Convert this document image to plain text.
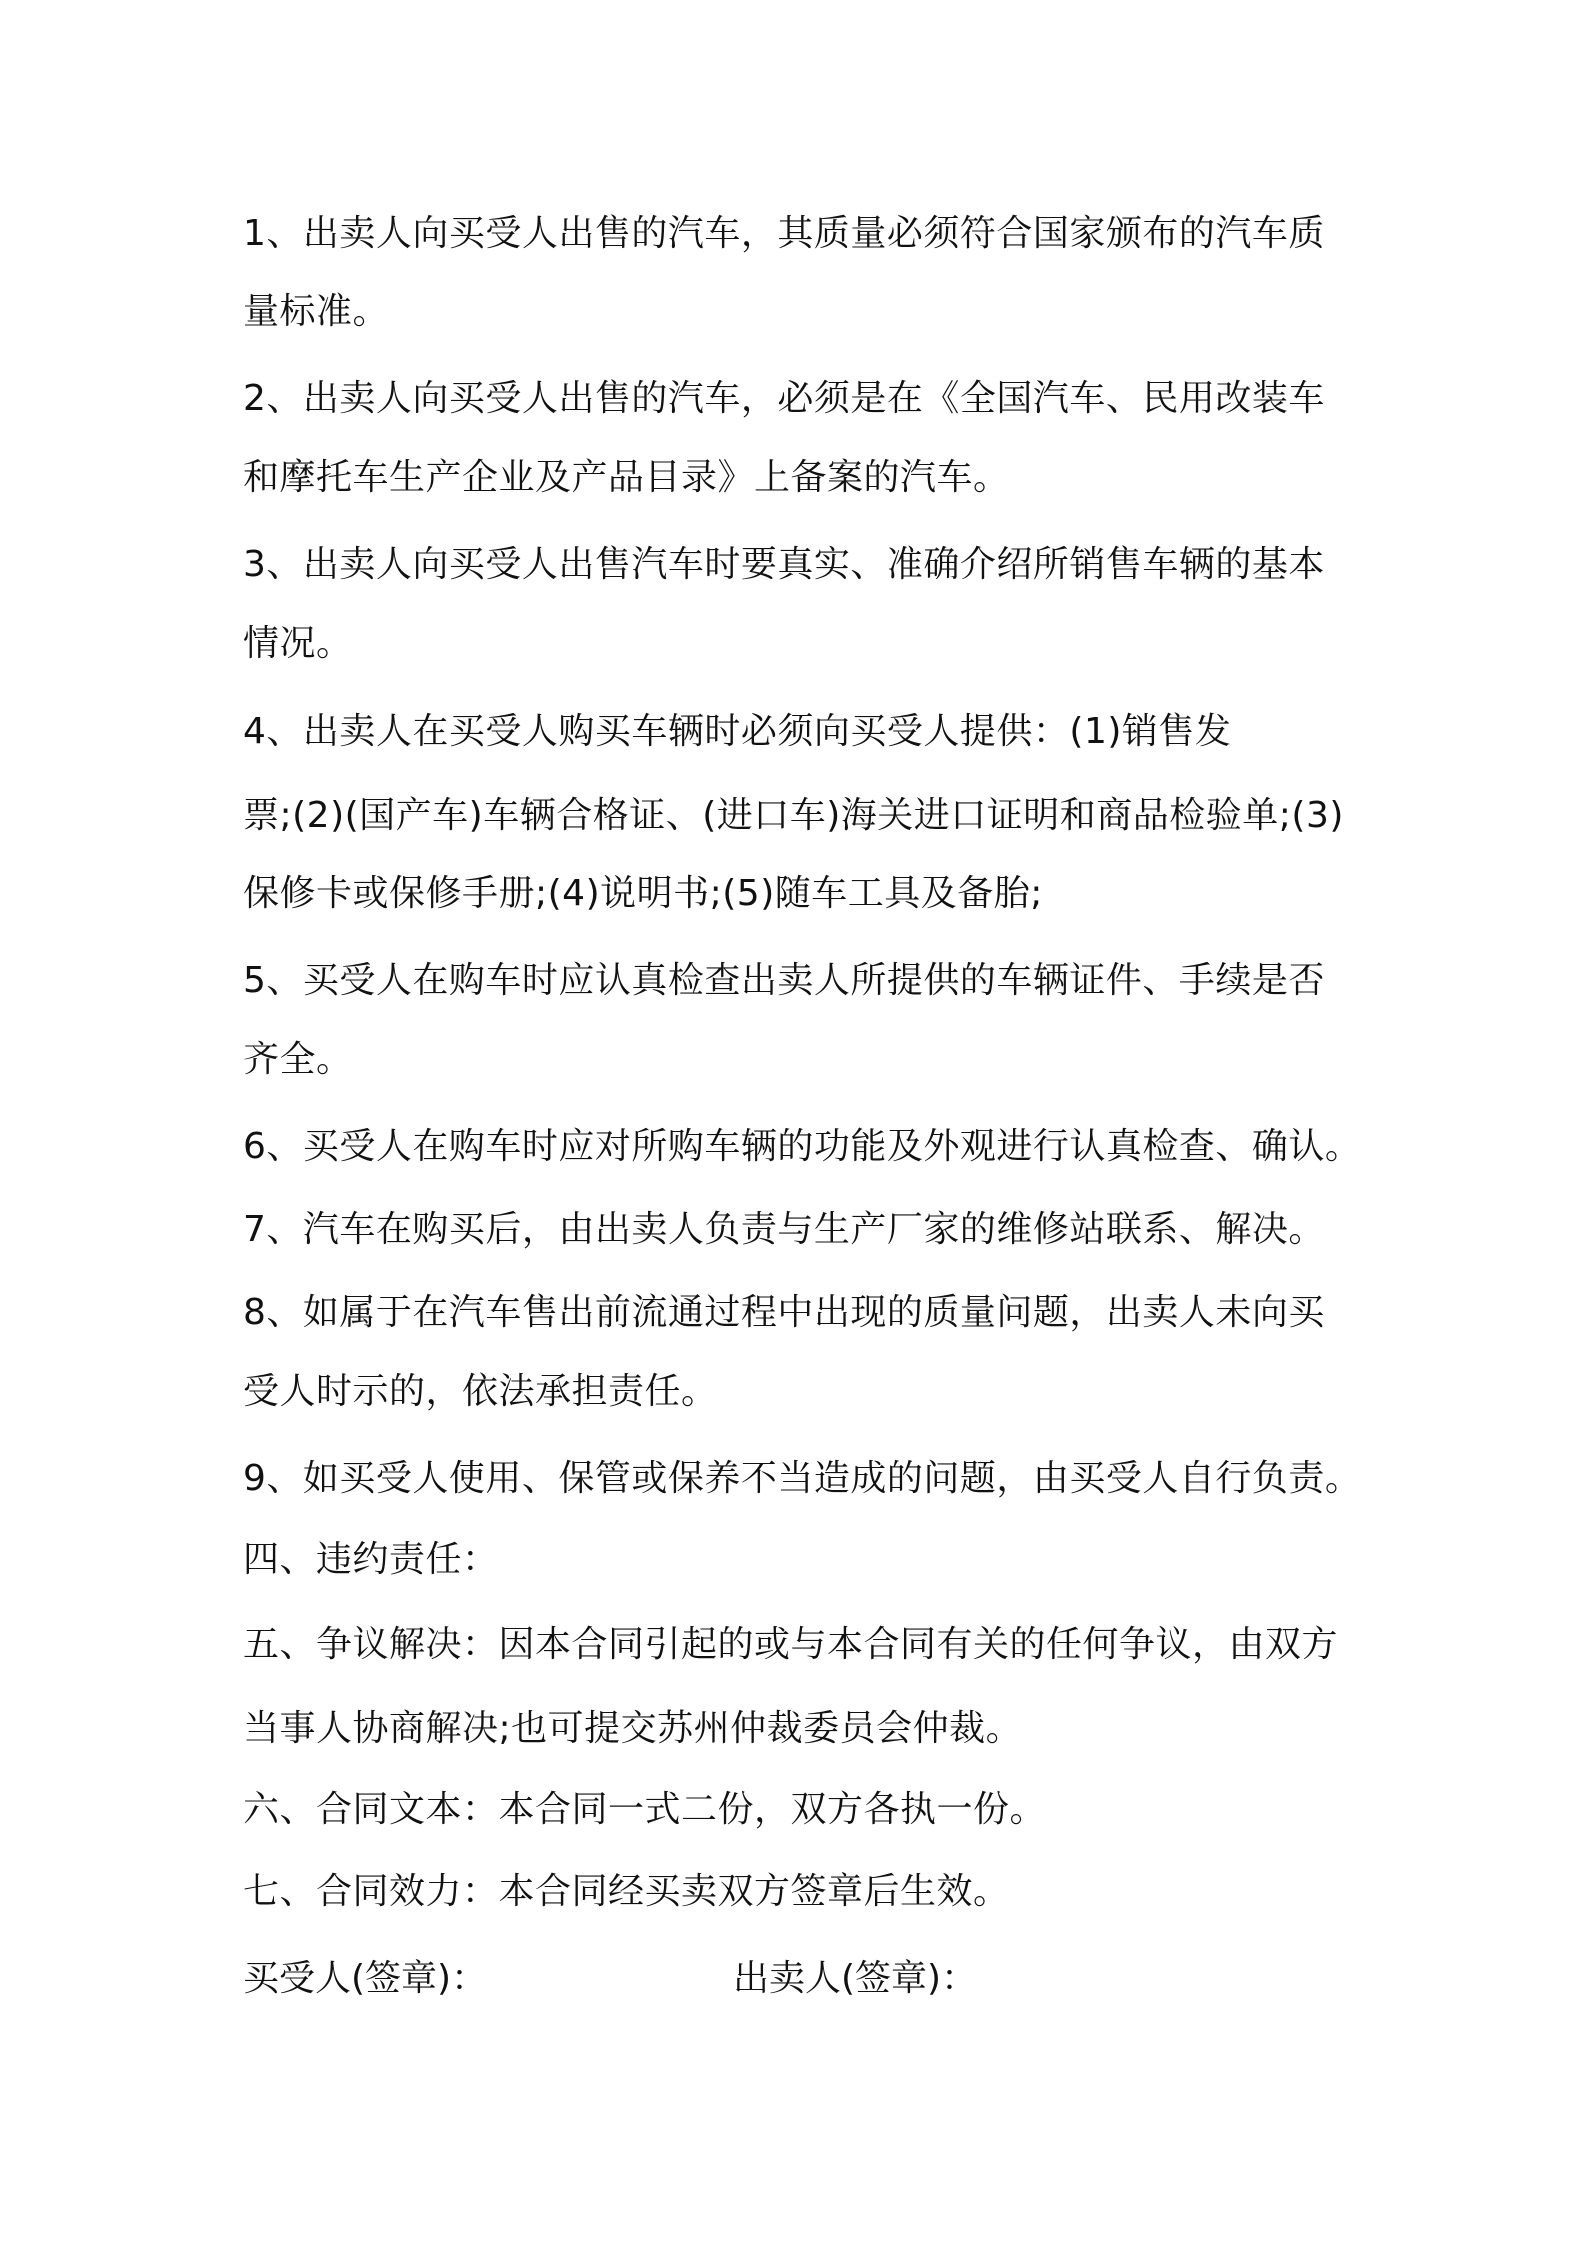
1、出卖人向买受人出售的汽车，其质量必须符合国家颁布的汽车质
量标准。
2、出卖人向买受人出售的汽车，必须是在《全国汽车、民用改装车
和摩托车生产企业及产品目录》上备案的汽车。
3、出卖人向买受人出售汽车时要真实、准确介绍所销售车辆的基本
情况。
4、出卖人在买受人购买车辆时必须向买受人提供：(1)销售发
票;(2)(国产车)车辆合格证、(进口车)海关进口证明和商品检验单;(3)
保修卡或保修手册;(4)说明书;(5)随车工具及备胎;
5、买受人在购车时应认真检查出卖人所提供的车辆证件、手续是否
齐全。
6、买受人在购车时应对所购车辆的功能及外观进行认真检查、确认。
7、汽车在购买后，由出卖人负责与生产厂家的维修站联系、解决。
8、如属于在汽车售出前流通过程中出现的质量问题，出卖人未向买
受人时示的，依法承担责任。
9、如买受人使用、保管或保养不当造成的问题，由买受人自行负责。
四、违约责任：
五、争议解决：因本合同引起的或与本合同有关的任何争议，由双方
当事人协商解决;也可提交苏州仲裁委员会仲裁。
六、合同文本：本合同一式二份，双方各执一份。
七、合同效力：本合同经买卖双方签章后生效。
买受人(签章)：	出卖人(签章)：
